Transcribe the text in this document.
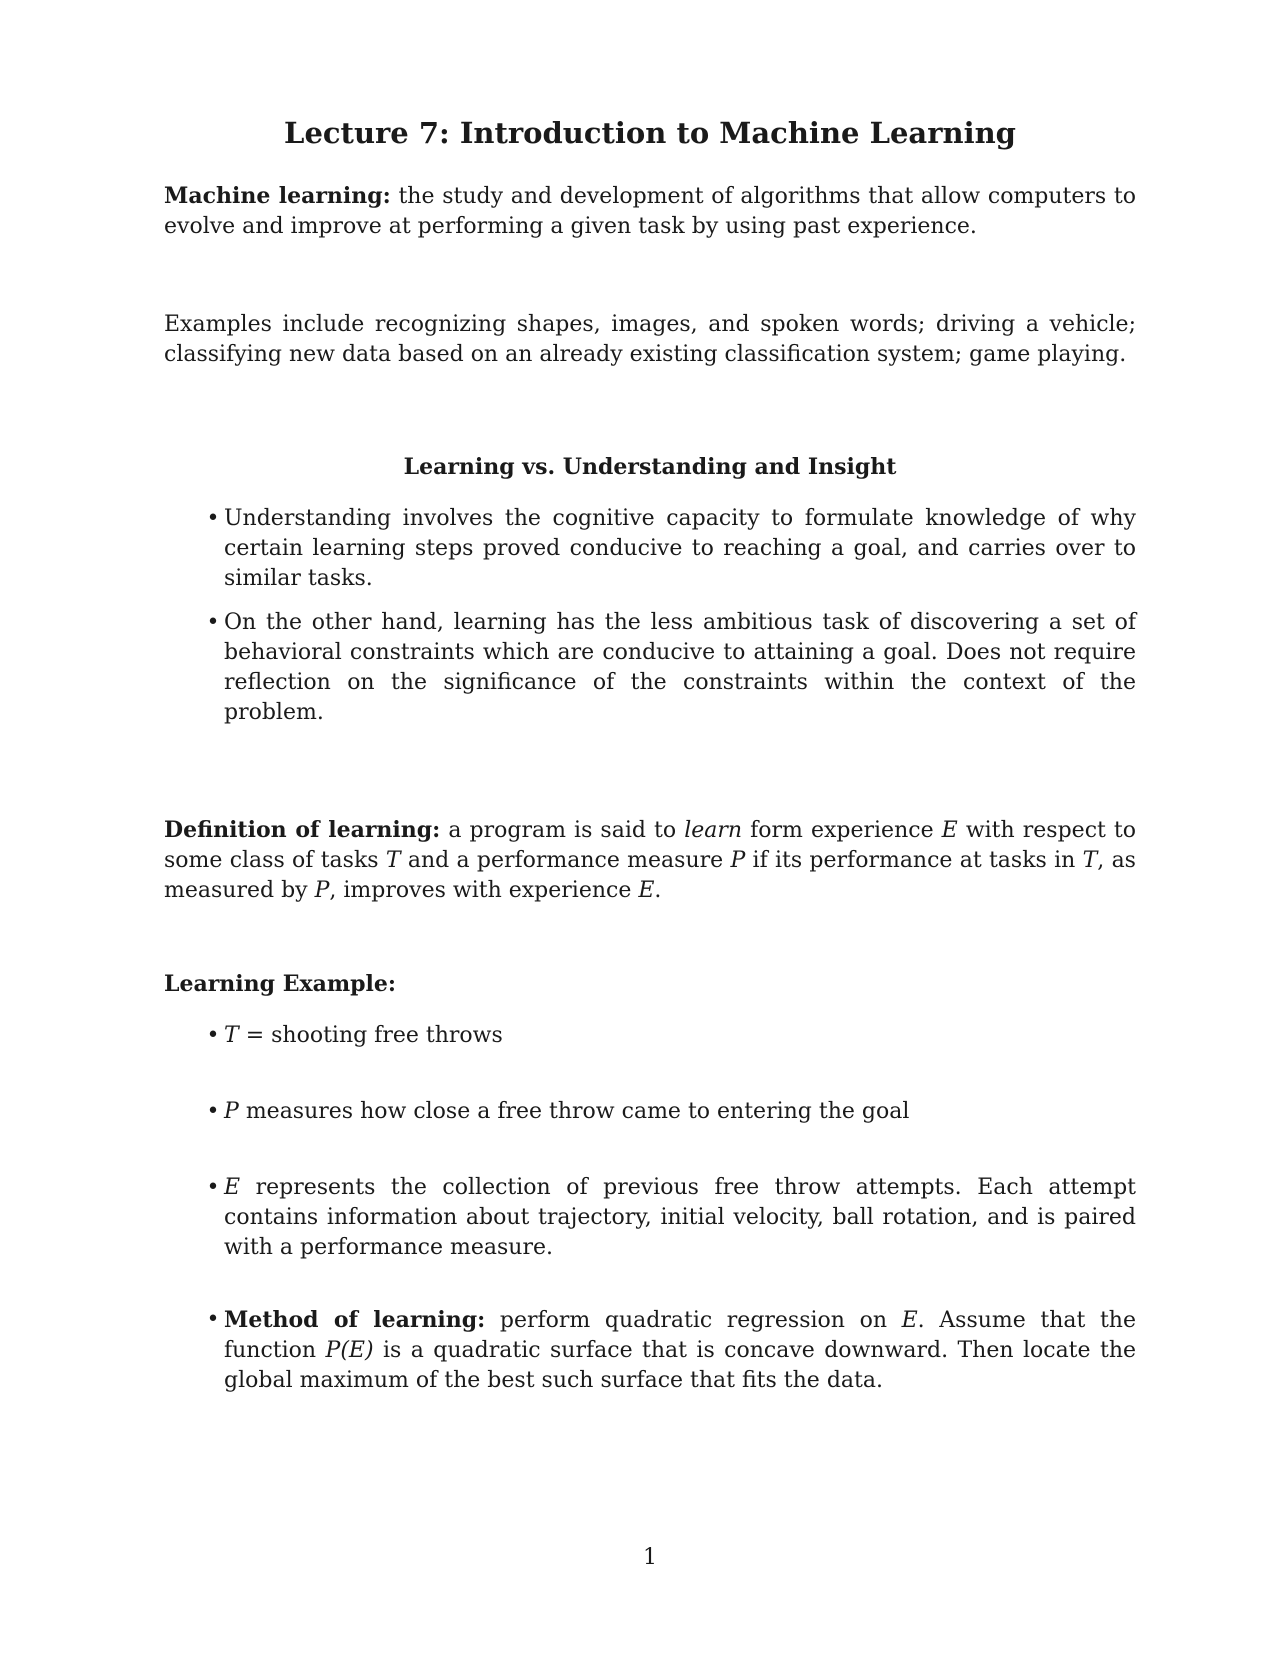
Lecture 7: Introduction to Machine Learning

Machine learning: the study and development of algorithms that allow computers to evolve and improve at performing a given task by using past experience.

Examples include recognizing shapes, images, and spoken words; driving a vehicle; classifying new data based on an already existing classification system; game playing.

Learning vs. Understanding and Insight
• Understanding involves the cognitive capacity to formulate knowledge of why certain learning steps proved conducive to reaching a goal, and carries over to similar tasks.
• On the other hand, learning has the less ambitious task of discovering a set of behavioral constraints which are conducive to attaining a goal. Does not require reflection on the significance of the constraints within the context of the problem.

Definition of learning: a program is said to learn form experience E with respect to some class of tasks T and a performance measure P if its performance at tasks in T, as measured by P, improves with experience E.

Learning Example:
• T = shooting free throws
• P measures how close a free throw came to entering the goal
• E represents the collection of previous free throw attempts. Each attempt contains information about trajectory, initial velocity, ball rotation, and is paired with a performance measure.
• Method of learning: perform quadratic regression on E. Assume that the function P(E) is a quadratic surface that is concave downward. Then locate the global maximum of the best such surface that fits the data.
1
